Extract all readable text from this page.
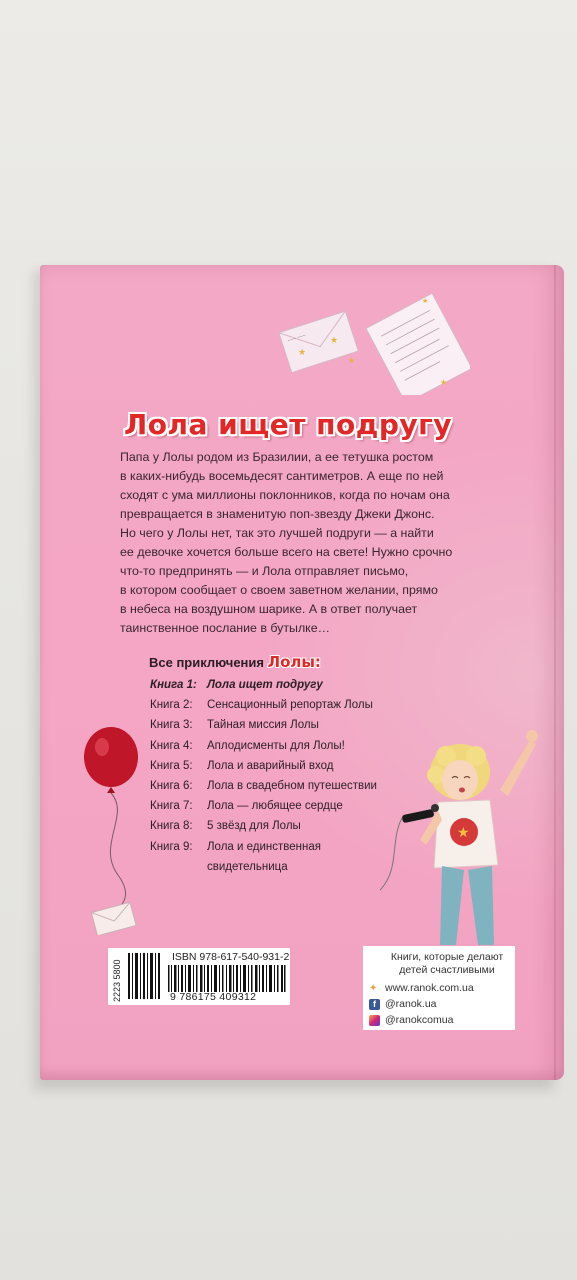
~~~ ~~~
★
★
★
★
★
Лола ищет подругу
Папа у Лолы родом из Бразилии, а ее тетушка ростом
в каких-нибудь восемьдесят сантиметров. А еще по ней
сходят с ума миллионы поклонников, когда по ночам она
превращается в знаменитую поп-звезду Джеки Джонс.
Но чего у Лолы нет, так это лучшей подруги — а найти
ее девочке хочется больше всего на свете! Нужно срочно
что-то предпринять — и Лола отправляет письмо,
в котором сообщает о своем заветном желании, прямо
в небеса на воздушном шарике. А в ответ получает
таинственное послание в бутылке…
Все приключения Лолы:
Книга 1: Лола ищет подругу
Книга 2:	Сенсационный репортаж Лолы
Книга 3:	Тайная миссия Лолы
Книга 4:	Аплодисменты для Лолы!
Книга 5:	Лола и аварийный вход
Книга 6:	Лола в свадебном путешествии
Книга 7:	Лола — любящее сердце
Книга 8:	5 звёзд для Лолы
Книга 9:	Лола и единственная
свидетельница
★
2223 5800
ISBN 978-617-540-931-2
9 786175 409312
Книги, которые делают детей счастливыми
✦ www.ranok.com.ua
f @ranok.ua
@ranokcomua
